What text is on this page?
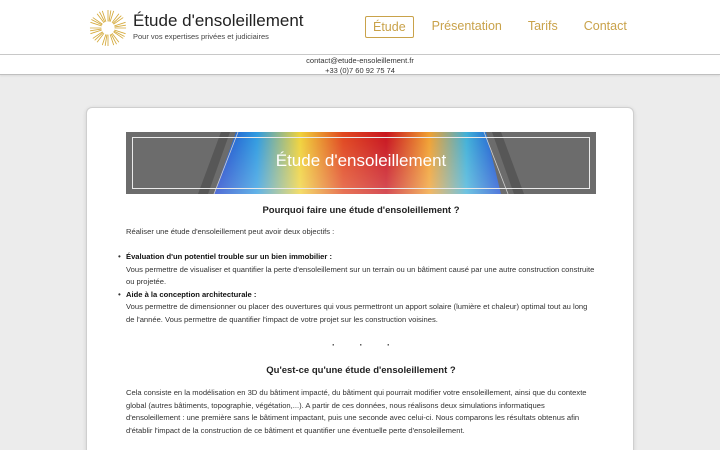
Étude d'ensoleillement
Pour vos expertises privées et judiciaires
Étude	Présentation Tarifs Contact
contact@etude-ensoleillement.fr
+33 (0)7 60 92 75 74
Étude d'ensoleillement
Pourquoi faire une étude d'ensoleillement ?
Réaliser une étude d'ensoleillement peut avoir deux objectifs :
• Évaluation d'un potentiel trouble sur un bien immobilier :
Vous permettre de visualiser et quantifier la perte d'ensoleillement sur un terrain ou un bâtiment causé par une autre construction construite ou projetée.
• Aide à la conception architecturale :
Vous permettre de dimensionner ou placer des ouvertures qui vous permettront un apport solaire (lumière et chaleur) optimal tout au long de l'année. Vous permettre de quantifier l'impact de votre projet sur les construction voisines.
·	·	·
Qu'est-ce qu'une étude d'ensoleillement ?
Cela consiste en la modélisation en 3D du bâtiment impacté, du bâtiment qui pourrait modifier votre ensoleillement, ainsi que du contexte global (autres bâtiments, topographie, végétation,...). A partir de ces données, nous réalisons deux simulations informatiques d'ensoleillement : une première sans le bâtiment impactant, puis une seconde avec celui-ci. Nous comparons les résultats obtenus afin d'établir l'impact de la construction de ce bâtiment et quantifier une éventuelle perte d'ensoleillement.
